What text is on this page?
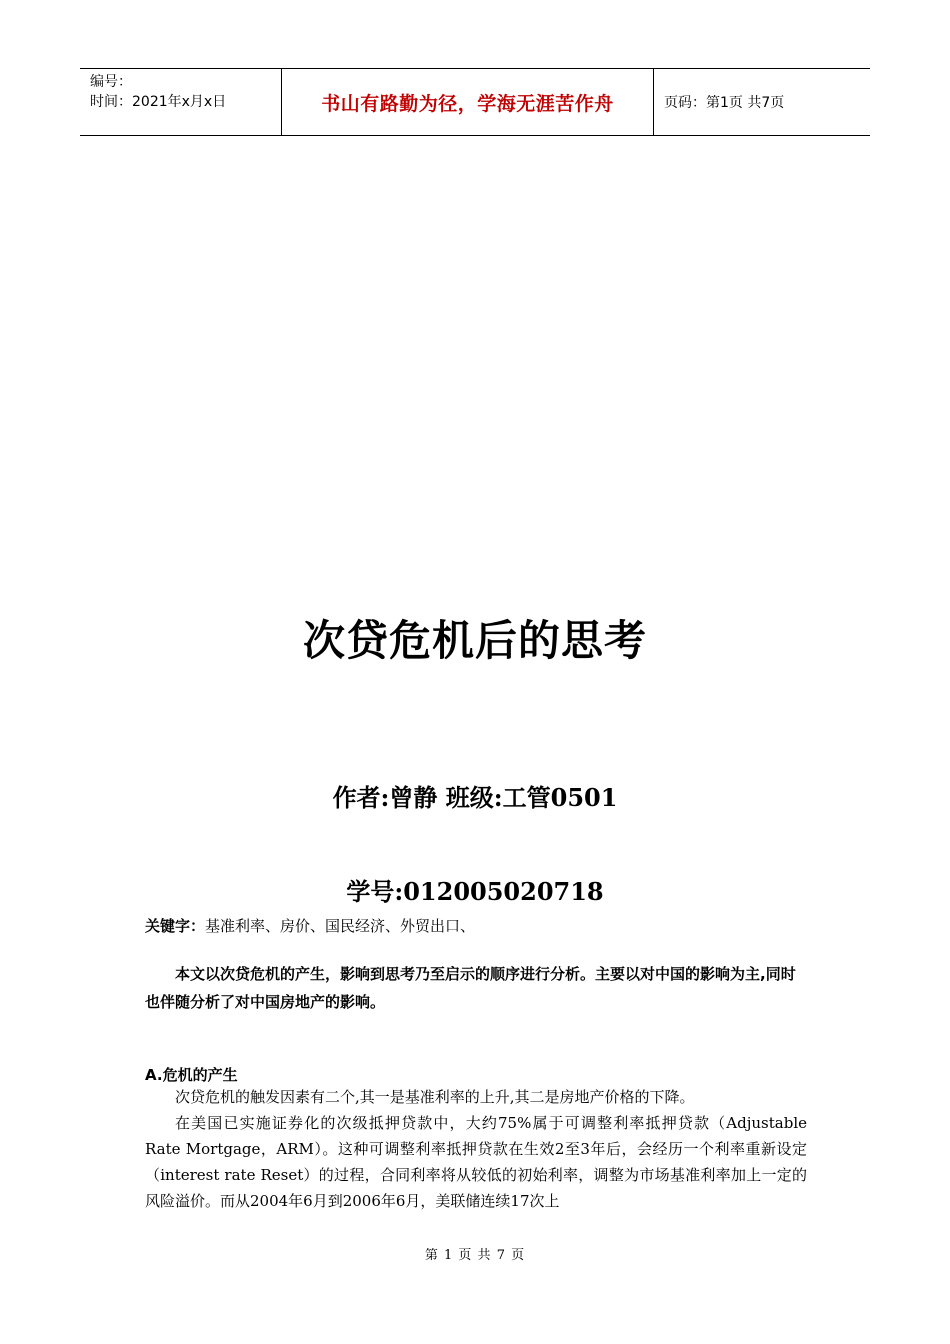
编号：
时间：2021年x月x日	书山有路勤为径，学海无涯苦作舟	页码：第1页 共7页
次贷危机后的思考
作者:曾静 班级:工管0501
学号:012005020718
关键字：基准利率、房价、国民经济、外贸出口、
本文以次贷危机的产生，影响到思考乃至启示的顺序进行分析。主要以对中国的影响为主,同时也伴随分析了对中国房地产的影响。
A.危机的产生
次贷危机的触发因素有二个,其一是基准利率的上升,其二是房地产价格的下降。
在美国已实施证券化的次级抵押贷款中，大约75%属于可调整利率抵押贷款（Adjustable Rate Mortgage，ARM）。这种可调整利率抵押贷款在生效2至3年后，会经历一个利率重新设定（interest rate Reset）的过程，合同利率将从较低的初始利率，调整为市场基准利率加上一定的风险溢价。而从2004年6月到2006年6月，美联储连续17次上
第 1 页 共 7 页
